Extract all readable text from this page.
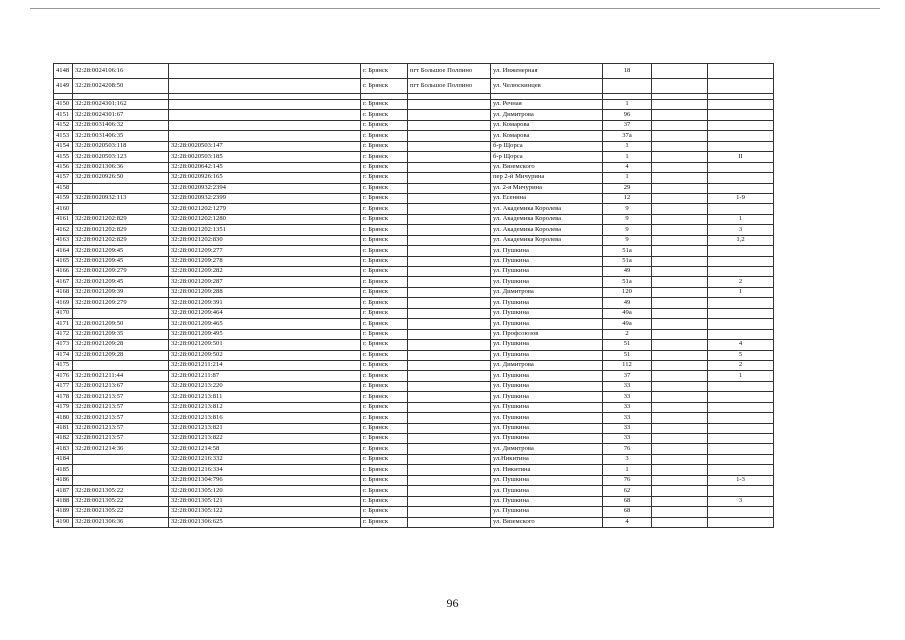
4148	32:28:0024106:16		г. Брянск	пгт Большое Полпино	ул. Инженерная	18		
4149	32:28:0024208:50		г. Брянск	пгт Большое Полпино	ул. Челюскинцев			

4150	32:28:0024301:162		г. Брянск		ул. Речная	1		
4151	32:28:0024301:67		г. Брянск		ул. Димитрова	96		
4152	32:28:0031406:32		г. Брянск		ул. Комарова	37		
4153	32:28:0031406:35		г. Брянск		ул. Комарова	37а		
4154	32:28:0020503:118	32:28:0020503:147	г. Брянск		б-р Щорса	1		
4155	32:28:0020503:123	32:28:0020503:185	г. Брянск		б-р Щорса	1		II
4156	32:28:0021306:36	32:28:0020642:145	г. Брянск		ул. Вяземского	4		
4157	32:28:0020926:50	32:28:0020926:165	г. Брянск		пер 2-й Мичурина	1		
4158		32:28:0020932:2394	г. Брянск		ул. 2-я Мичурина	29		
4159	32:28:0020932:113	32:28:0020932:2399	г. Брянск		ул. Есенина	12		1-9
4160		32:28:0021202:1279	г. Брянск		ул. Академика Королева	9		
4161	32:28:0021202:829	32:28:0021202:1280	г. Брянск		ул. Академика Королева	9		1
4162	32:28:0021202:829	32:28:0021202:1351	г. Брянск		ул. Академика Королева	9		3
4163	32:28:0021202:829	32:28:0021202:830	г. Брянск		ул. Академика Королева	9		1,2
4164	32:28:0021209:45	32:28:0021209:277	г. Брянск		ул. Пушкина	51а		
4165	32:28:0021209:45	32:28:0021209:278	г. Брянск		ул. Пушкина	51а		
4166	32:28:0021209:279	32:28:0021209:282	г. Брянск		ул. Пушкина	49		
4167	32:28:0021209:45	32:28:0021209:287	г. Брянск		ул. Пушкина	51а		2
4168	32:28:0021209:39	32:28:0021209:288	г. Брянск		ул. Димитрова	120		1
4169	32:28:0021209:279	32:28:0021209:391	г. Брянск		ул. Пушкина	49		
4170		32:28:0021209:464	г. Брянск		ул. Пушкина	49а		
4171	32:28:0021209:50	32:28:0021209:465	г. Брянск		ул. Пушкина	49а		
4172	32:28:0021209:35	32:28:0021209:495	г. Брянск		ул. Профсоюзов	2		
4173	32:28:0021209:28	32:28:0021209:501	г. Брянск		ул. Пушкина	51		4
4174	32:28:0021209:28	32:28:0021209:502	г. Брянск		ул. Пушкина	51		5
4175		32:28:0021211:214	г. Брянск		ул. Димитрова	112		2
4176	32:28:0021211:44	32:28:0021211:87	г. Брянск		ул. Пушкина	37		1
4177	32:28:0021213:67	32:28:0021213:220	г. Брянск		ул. Пушкина	33		
4178	32:28:0021213:57	32:28:0021213:811	г. Брянск		ул. Пушкина	33		
4179	32:28:0021213:57	32:28:0021213:812	г. Брянск		ул. Пушкина	33		
4180	32:28:0021213:57	32:28:0021213:816	г. Брянск		ул. Пушкина	33		
4181	32:28:0021213:57	32:28:0021213:821	г. Брянск		ул. Пушкина	33		
4182	32:28:0021213:57	32:28:0021213:822	г. Брянск		ул. Пушкина	33		
4183	32:28:0021214:36	32:28:0021214:58	г. Брянск		ул. Димитрова	76		
4184		32:28:0021216:332	г. Брянск		ул.Никитина	3		
4185		32:28:0021216:334	г. Брянск		ул. Никитина	1		
4186		32:28:0021304:796	г. Брянск		ул. Пушкина	76		1-3
4187	32:28:0021305:22	32:28:0021305:120	г. Брянск		ул. Пушкина	62		
4188	32:28:0021305:22	32:28:0021305:121	г. Брянск		ул. Пушкина	68		3
4189	32:28:0021305:22	32:28:0021305:122	г. Брянск		ул. Пушкина	68		
4190	32:28:0021306:36	32:28:0021306:625	г. Брянск		ул. Вяземского	4		
96
